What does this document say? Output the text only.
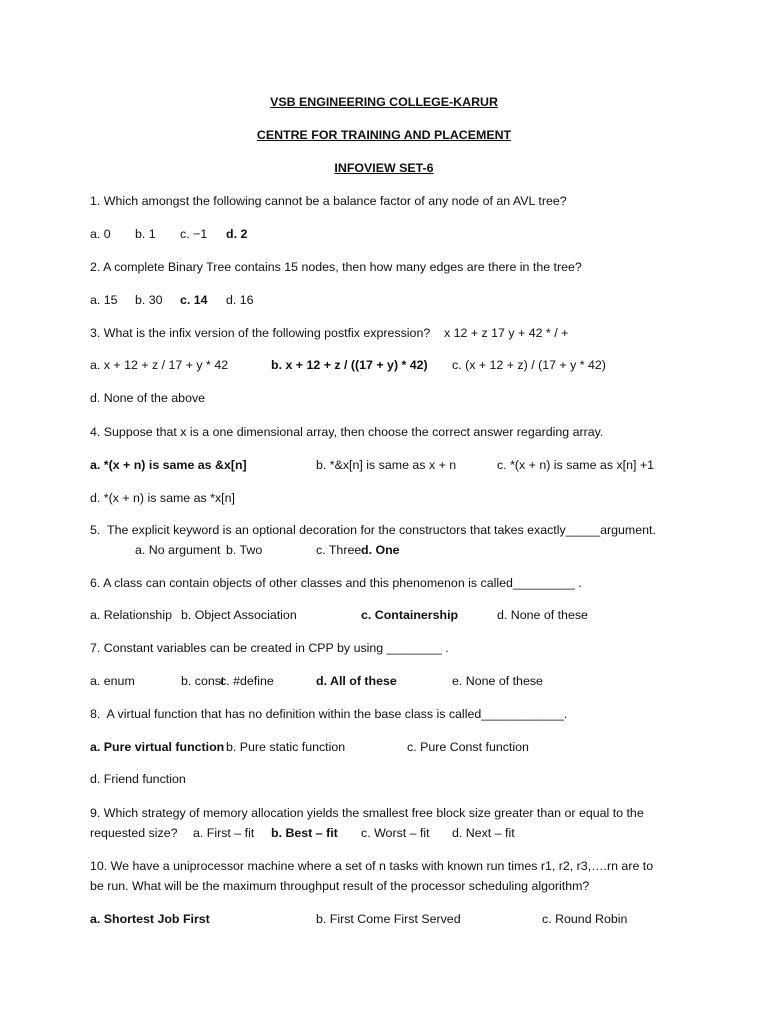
VSB ENGINEERING COLLEGE-KARUR
CENTRE FOR TRAINING AND PLACEMENT
INFOVIEW SET-6
1. Which amongst the following cannot be a balance factor of any node of an AVL tree?
a. 0 b. 1 c. −1 d. 2
2. A complete Binary Tree contains 15 nodes, then how many edges are there in the tree?
a. 15 b. 30 c. 14 d. 16
3. What is the infix version of the following postfix expression?    x 12 + z 17 y + 42 * / +
a. x + 12 + z / 17 + y * 42	b. x + 12 + z / ((17 + y) * 42) c. (x + 12 + z) / (17 + y * 42)
d. None of the above
4. Suppose that x is a one dimensional array, then choose the correct answer regarding array.
a. *(x + n) is same as &x[n]	b. *&x[n] is same as x + n	c. *(x + n) is same as x[n] +1
d. *(x + n) is same as *x[n]
5.  The explicit keyword is an optional decoration for the constructors that takes exactly_____argument.
a. No argument b. Two	c. Three d. One
6. A class can contain objects of other classes and this phenomenon is called_________ .
a. Relationship b. Object Association	c. Containership	d. None of these
7. Constant variables can be created in CPP by using ________ .
a. enum	b. const
c. #define	d. All of these	e. None of these
8.  A virtual function that has no definition within the base class is called____________.
a. Pure virtual function b. Pure static function	c. Pure Const function
d. Friend function
9. Which strategy of memory allocation yields the smallest free block size greater than or equal to the
requested size? a. First – fit b. Best – fit c. Worst – fit d. Next – fit
10. We have a uniprocessor machine where a set of n tasks with known run times r1, r2, r3,….rn are to
be run. What will be the maximum throughput result of the processor scheduling algorithm?
a. Shortest Job First	b. First Come First Served	c. Round Robin
